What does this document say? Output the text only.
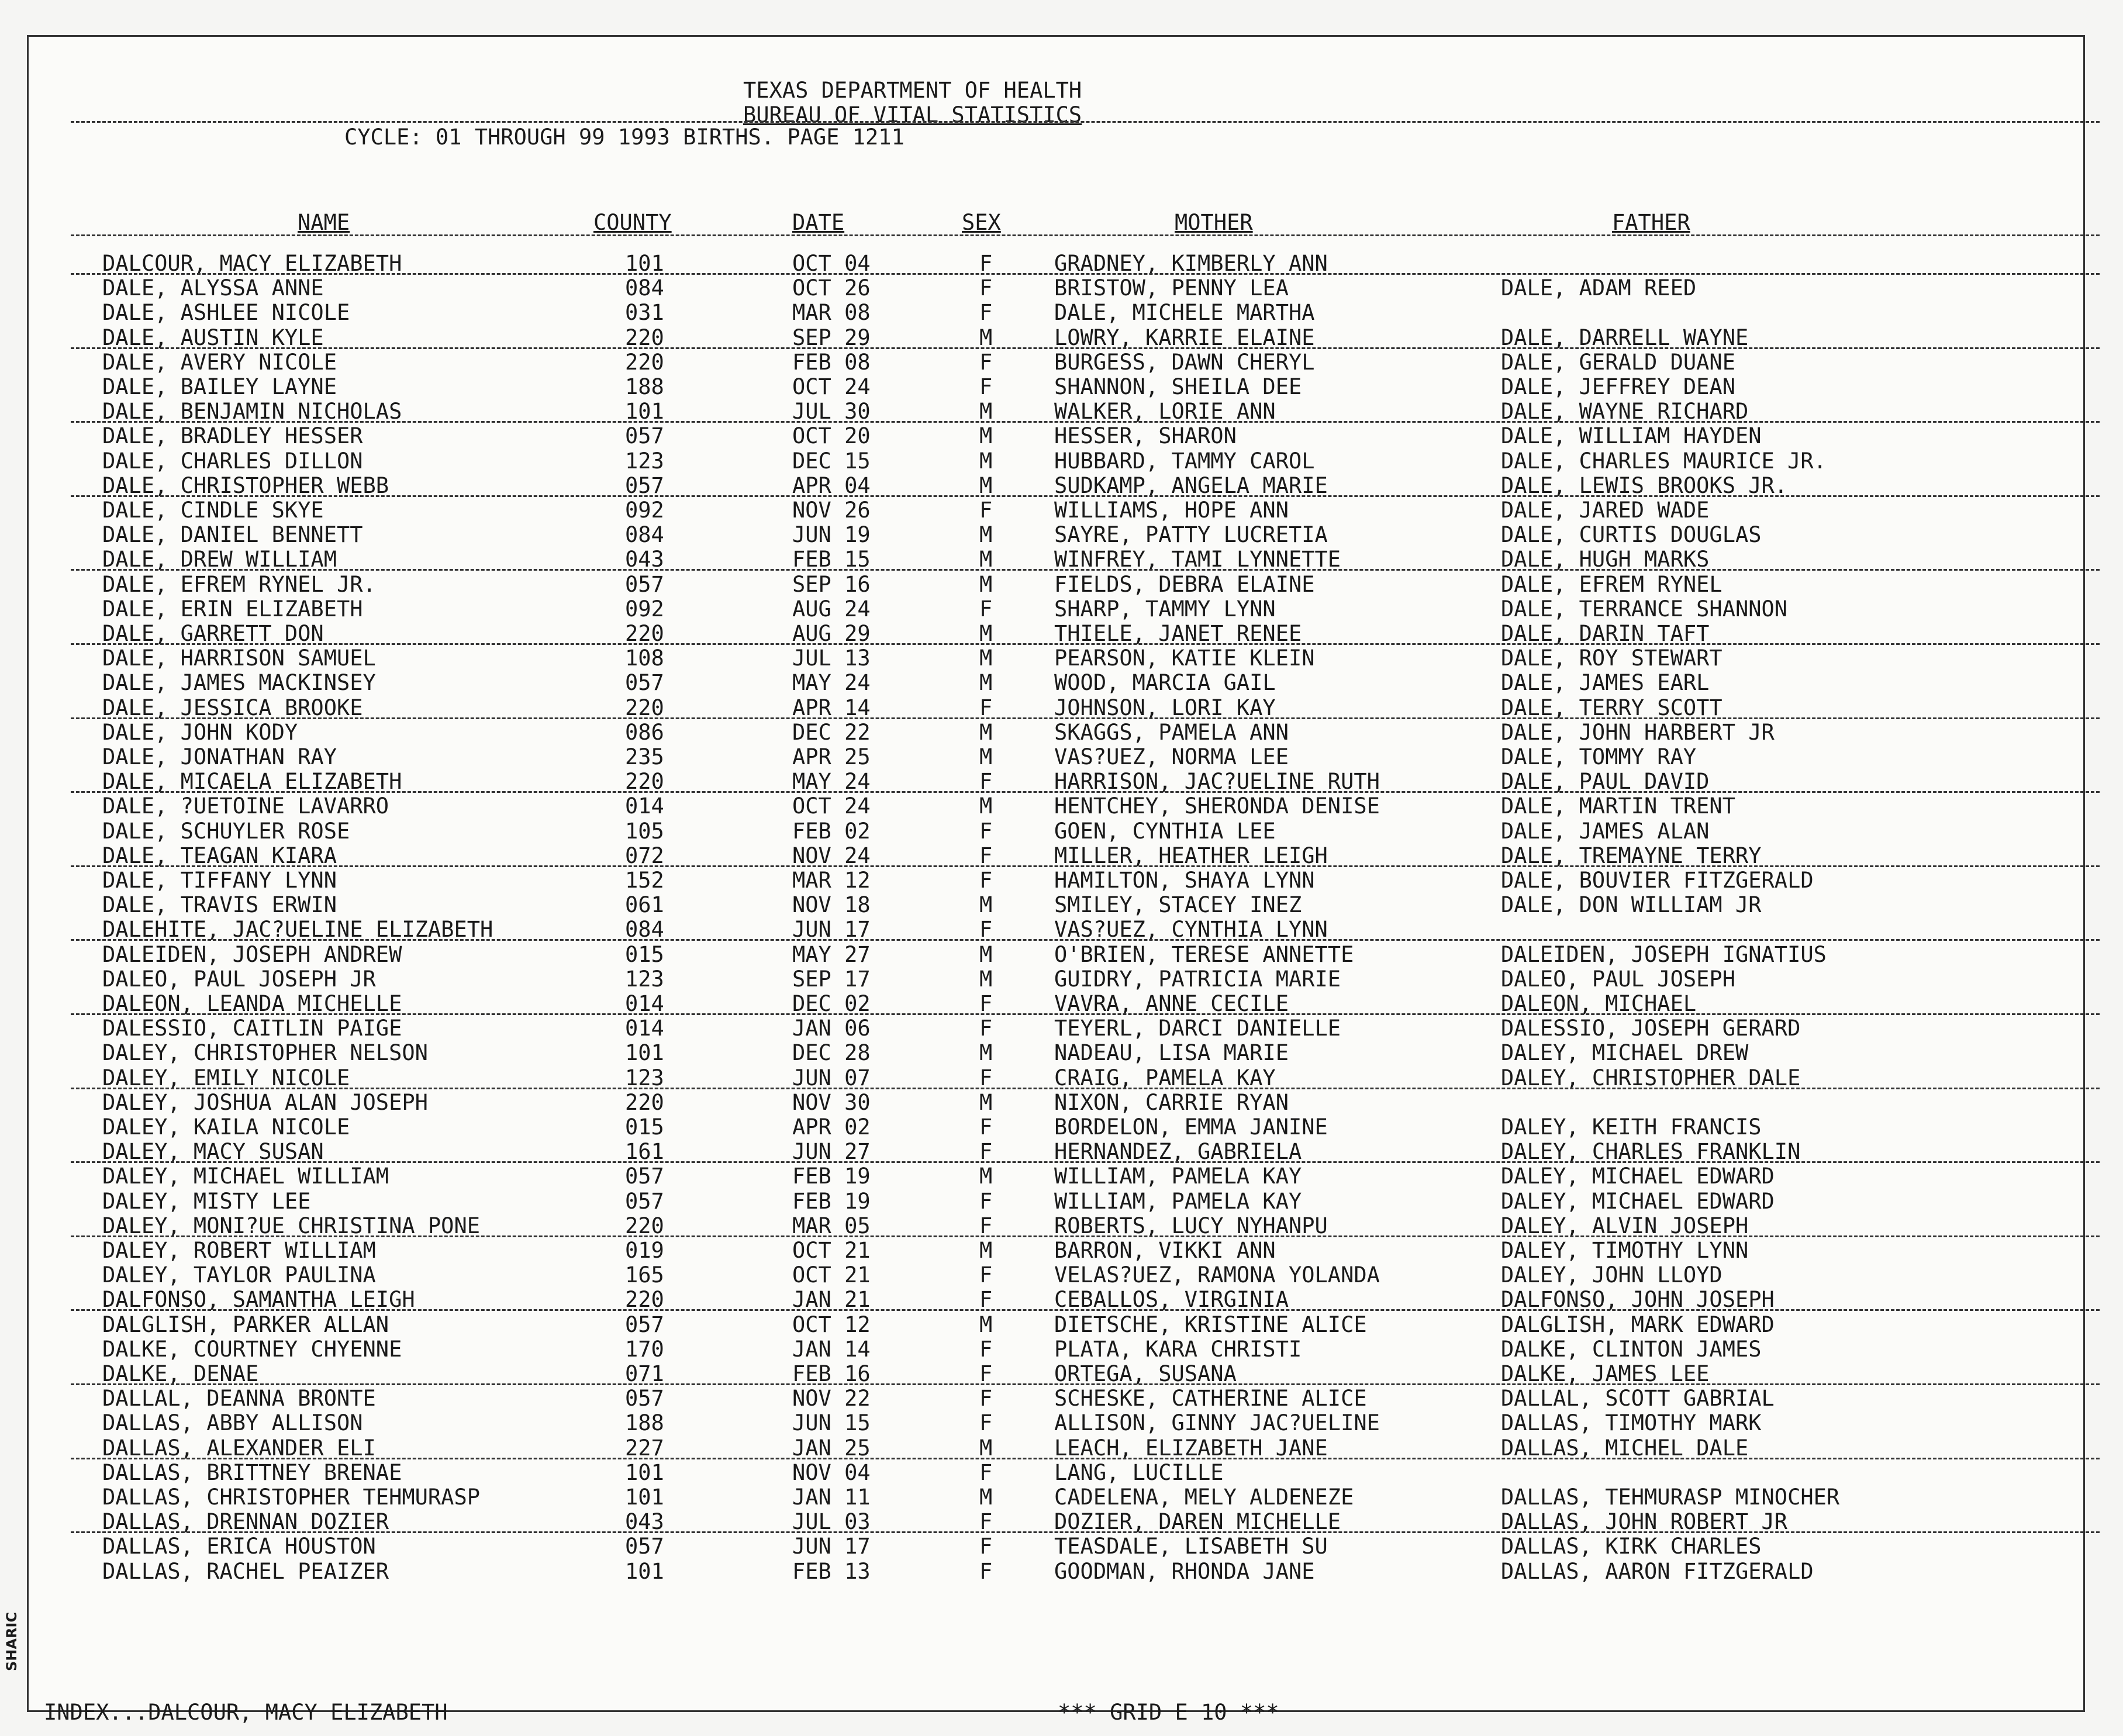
TEXAS DEPARTMENT OF HEALTH
BUREAU OF VITAL STATISTICS
CYCLE: 01 THROUGH 99 1993 BIRTHS. PAGE 1211
NAME	COUNTY	DATE	SEX	MOTHER	FATHER
DALCOUR, MACY ELIZABETH	101	OCT 04	F	GRADNEY, KIMBERLY ANN
DALE, ALYSSA ANNE	084	OCT 26	F	BRISTOW, PENNY LEA	DALE, ADAM REED
DALE, ASHLEE NICOLE	031	MAR 08	F	DALE, MICHELE MARTHA
DALE, AUSTIN KYLE	220	SEP 29	M	LOWRY, KARRIE ELAINE	DALE, DARRELL WAYNE
DALE, AVERY NICOLE	220	FEB 08	F	BURGESS, DAWN CHERYL	DALE, GERALD DUANE
DALE, BAILEY LAYNE	188	OCT 24	F	SHANNON, SHEILA DEE	DALE, JEFFREY DEAN
DALE, BENJAMIN NICHOLAS	101	JUL 30	M	WALKER, LORIE ANN	DALE, WAYNE RICHARD
DALE, BRADLEY HESSER	057	OCT 20	M	HESSER, SHARON	DALE, WILLIAM HAYDEN
DALE, CHARLES DILLON	123	DEC 15	M	HUBBARD, TAMMY CAROL	DALE, CHARLES MAURICE JR.
DALE, CHRISTOPHER WEBB	057	APR 04	M	SUDKAMP, ANGELA MARIE	DALE, LEWIS BROOKS JR.
DALE, CINDLE SKYE	092	NOV 26	F	WILLIAMS, HOPE ANN	DALE, JARED WADE
DALE, DANIEL BENNETT	084	JUN 19	M	SAYRE, PATTY LUCRETIA	DALE, CURTIS DOUGLAS
DALE, DREW WILLIAM	043	FEB 15	M	WINFREY, TAMI LYNNETTE	DALE, HUGH MARKS
DALE, EFREM RYNEL JR.	057	SEP 16	M	FIELDS, DEBRA ELAINE	DALE, EFREM RYNEL
DALE, ERIN ELIZABETH	092	AUG 24	F	SHARP, TAMMY LYNN	DALE, TERRANCE SHANNON
DALE, GARRETT DON	220	AUG 29	M	THIELE, JANET RENEE	DALE, DARIN TAFT
DALE, HARRISON SAMUEL	108	JUL 13	M	PEARSON, KATIE KLEIN	DALE, ROY STEWART
DALE, JAMES MACKINSEY	057	MAY 24	M	WOOD, MARCIA GAIL	DALE, JAMES EARL
DALE, JESSICA BROOKE	220	APR 14	F	JOHNSON, LORI KAY	DALE, TERRY SCOTT
DALE, JOHN KODY	086	DEC 22	M	SKAGGS, PAMELA ANN	DALE, JOHN HARBERT JR
DALE, JONATHAN RAY	235	APR 25	M	VAS?UEZ, NORMA LEE	DALE, TOMMY RAY
DALE, MICAELA ELIZABETH	220	MAY 24	F	HARRISON, JAC?UELINE RUTH	DALE, PAUL DAVID
DALE, ?UETOINE LAVARRO	014	OCT 24	M	HENTCHEY, SHERONDA DENISE	DALE, MARTIN TRENT
DALE, SCHUYLER ROSE	105	FEB 02	F	GOEN, CYNTHIA LEE	DALE, JAMES ALAN
DALE, TEAGAN KIARA	072	NOV 24	F	MILLER, HEATHER LEIGH	DALE, TREMAYNE TERRY
DALE, TIFFANY LYNN	152	MAR 12	F	HAMILTON, SHAYA LYNN	DALE, BOUVIER FITZGERALD
DALE, TRAVIS ERWIN	061	NOV 18	M	SMILEY, STACEY INEZ	DALE, DON WILLIAM JR
DALEHITE, JAC?UELINE ELIZABETH	084	JUN 17	F	VAS?UEZ, CYNTHIA LYNN
DALEIDEN, JOSEPH ANDREW	015	MAY 27	M	O'BRIEN, TERESE ANNETTE	DALEIDEN, JOSEPH IGNATIUS
DALEO, PAUL JOSEPH JR	123	SEP 17	M	GUIDRY, PATRICIA MARIE	DALEO, PAUL JOSEPH
DALEON, LEANDA MICHELLE	014	DEC 02	F	VAVRA, ANNE CECILE	DALEON, MICHAEL
DALESSIO, CAITLIN PAIGE	014	JAN 06	F	TEYERL, DARCI DANIELLE	DALESSIO, JOSEPH GERARD
DALEY, CHRISTOPHER NELSON	101	DEC 28	M	NADEAU, LISA MARIE	DALEY, MICHAEL DREW
DALEY, EMILY NICOLE	123	JUN 07	F	CRAIG, PAMELA KAY	DALEY, CHRISTOPHER DALE
DALEY, JOSHUA ALAN JOSEPH	220	NOV 30	M	NIXON, CARRIE RYAN
DALEY, KAILA NICOLE	015	APR 02	F	BORDELON, EMMA JANINE	DALEY, KEITH FRANCIS
DALEY, MACY SUSAN	161	JUN 27	F	HERNANDEZ, GABRIELA	DALEY, CHARLES FRANKLIN
DALEY, MICHAEL WILLIAM	057	FEB 19	M	WILLIAM, PAMELA KAY	DALEY, MICHAEL EDWARD
DALEY, MISTY LEE	057	FEB 19	F	WILLIAM, PAMELA KAY	DALEY, MICHAEL EDWARD
DALEY, MONI?UE CHRISTINA PONE	220	MAR 05	F	ROBERTS, LUCY NYHANPU	DALEY, ALVIN JOSEPH
DALEY, ROBERT WILLIAM	019	OCT 21	M	BARRON, VIKKI ANN	DALEY, TIMOTHY LYNN
DALEY, TAYLOR PAULINA	165	OCT 21	F	VELAS?UEZ, RAMONA YOLANDA	DALEY, JOHN LLOYD
DALFONSO, SAMANTHA LEIGH	220	JAN 21	F	CEBALLOS, VIRGINIA	DALFONSO, JOHN JOSEPH
DALGLISH, PARKER ALLAN	057	OCT 12	M	DIETSCHE, KRISTINE ALICE	DALGLISH, MARK EDWARD
DALKE, COURTNEY CHYENNE	170	JAN 14	F	PLATA, KARA CHRISTI	DALKE, CLINTON JAMES
DALKE, DENAE	071	FEB 16	F	ORTEGA, SUSANA	DALKE, JAMES LEE
DALLAL, DEANNA BRONTE	057	NOV 22	F	SCHESKE, CATHERINE ALICE	DALLAL, SCOTT GABRIAL
DALLAS, ABBY ALLISON	188	JUN 15	F	ALLISON, GINNY JAC?UELINE	DALLAS, TIMOTHY MARK
DALLAS, ALEXANDER ELI	227	JAN 25	M	LEACH, ELIZABETH JANE	DALLAS, MICHEL DALE
DALLAS, BRITTNEY BRENAE	101	NOV 04	F	LANG, LUCILLE
DALLAS, CHRISTOPHER TEHMURASP	101	JAN 11	M	CADELENA, MELY ALDENEZE	DALLAS, TEHMURASP MINOCHER
DALLAS, DRENNAN DOZIER	043	JUL 03	F	DOZIER, DAREN MICHELLE	DALLAS, JOHN ROBERT JR
DALLAS, ERICA HOUSTON	057	JUN 17	F	TEASDALE, LISABETH SU	DALLAS, KIRK CHARLES
DALLAS, RACHEL PEAIZER	101	FEB 13	F	GOODMAN, RHONDA JANE	DALLAS, AARON FITZGERALD
INDEX...DALCOUR, MACY ELIZABETH	*** GRID E 10 ***
SHARIC
